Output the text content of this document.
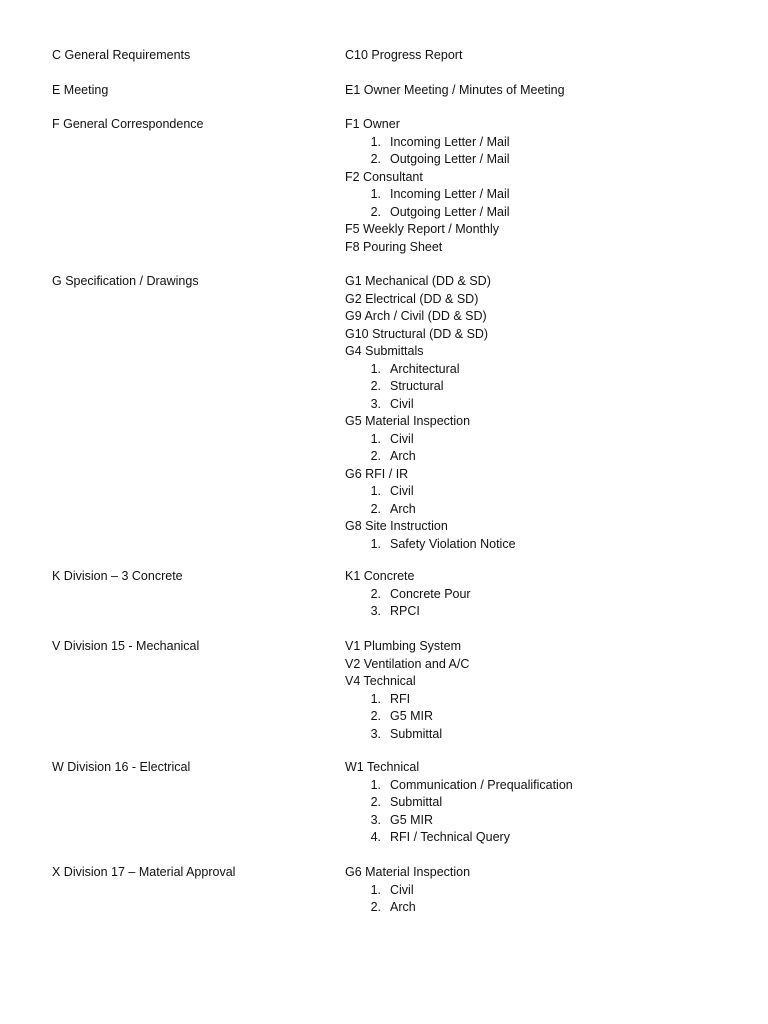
C General Requirements	C10 Progress Report
E Meeting	E1 Owner Meeting / Minutes of Meeting
F General Correspondence	F1 Owner
1. Incoming Letter / Mail
2. Outgoing Letter / Mail
F2 Consultant
1. Incoming Letter / Mail
2. Outgoing Letter / Mail
F5 Weekly Report / Monthly
F8 Pouring Sheet
G Specification / Drawings	G1 Mechanical (DD & SD)
G2 Electrical (DD & SD)
G9 Arch / Civil (DD & SD)
G10 Structural (DD & SD)
G4 Submittals
1. Architectural
2. Structural
3. Civil
G5 Material Inspection
1. Civil
2. Arch
G6 RFI / IR
1. Civil
2. Arch
G8 Site Instruction
1. Safety Violation Notice
K Division – 3 Concrete	K1 Concrete
2. Concrete Pour
3. RPCI
V Division 15 - Mechanical	V1 Plumbing System
V2 Ventilation and A/C
V4 Technical
1. RFI
2. G5 MIR
3. Submittal
W Division 16 - Electrical	W1 Technical
1. Communication / Prequalification
2. Submittal
3. G5 MIR
4. RFI / Technical Query
X Division 17 – Material Approval	G6 Material Inspection
1. Civil
2. Arch
